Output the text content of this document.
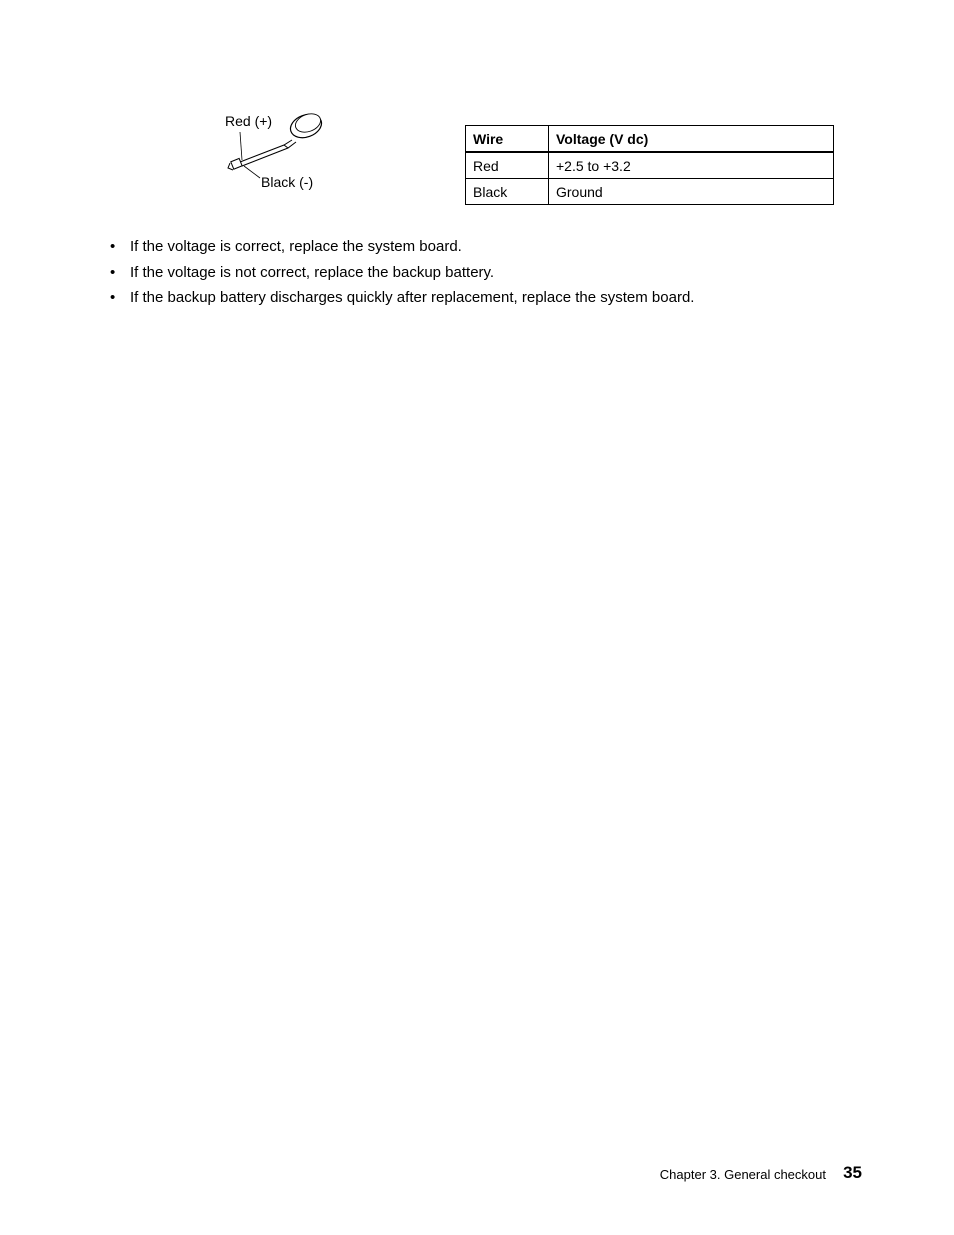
Red (+)
Black (-)
Wire	Voltage (V dc)
Red	+2.5 to +3.2
Black	Ground
• If the voltage is correct, replace the system board.
• If the voltage is not correct, replace the backup battery.
• If the backup battery discharges quickly after replacement, replace the system board.
Chapter 3. General checkout 35
